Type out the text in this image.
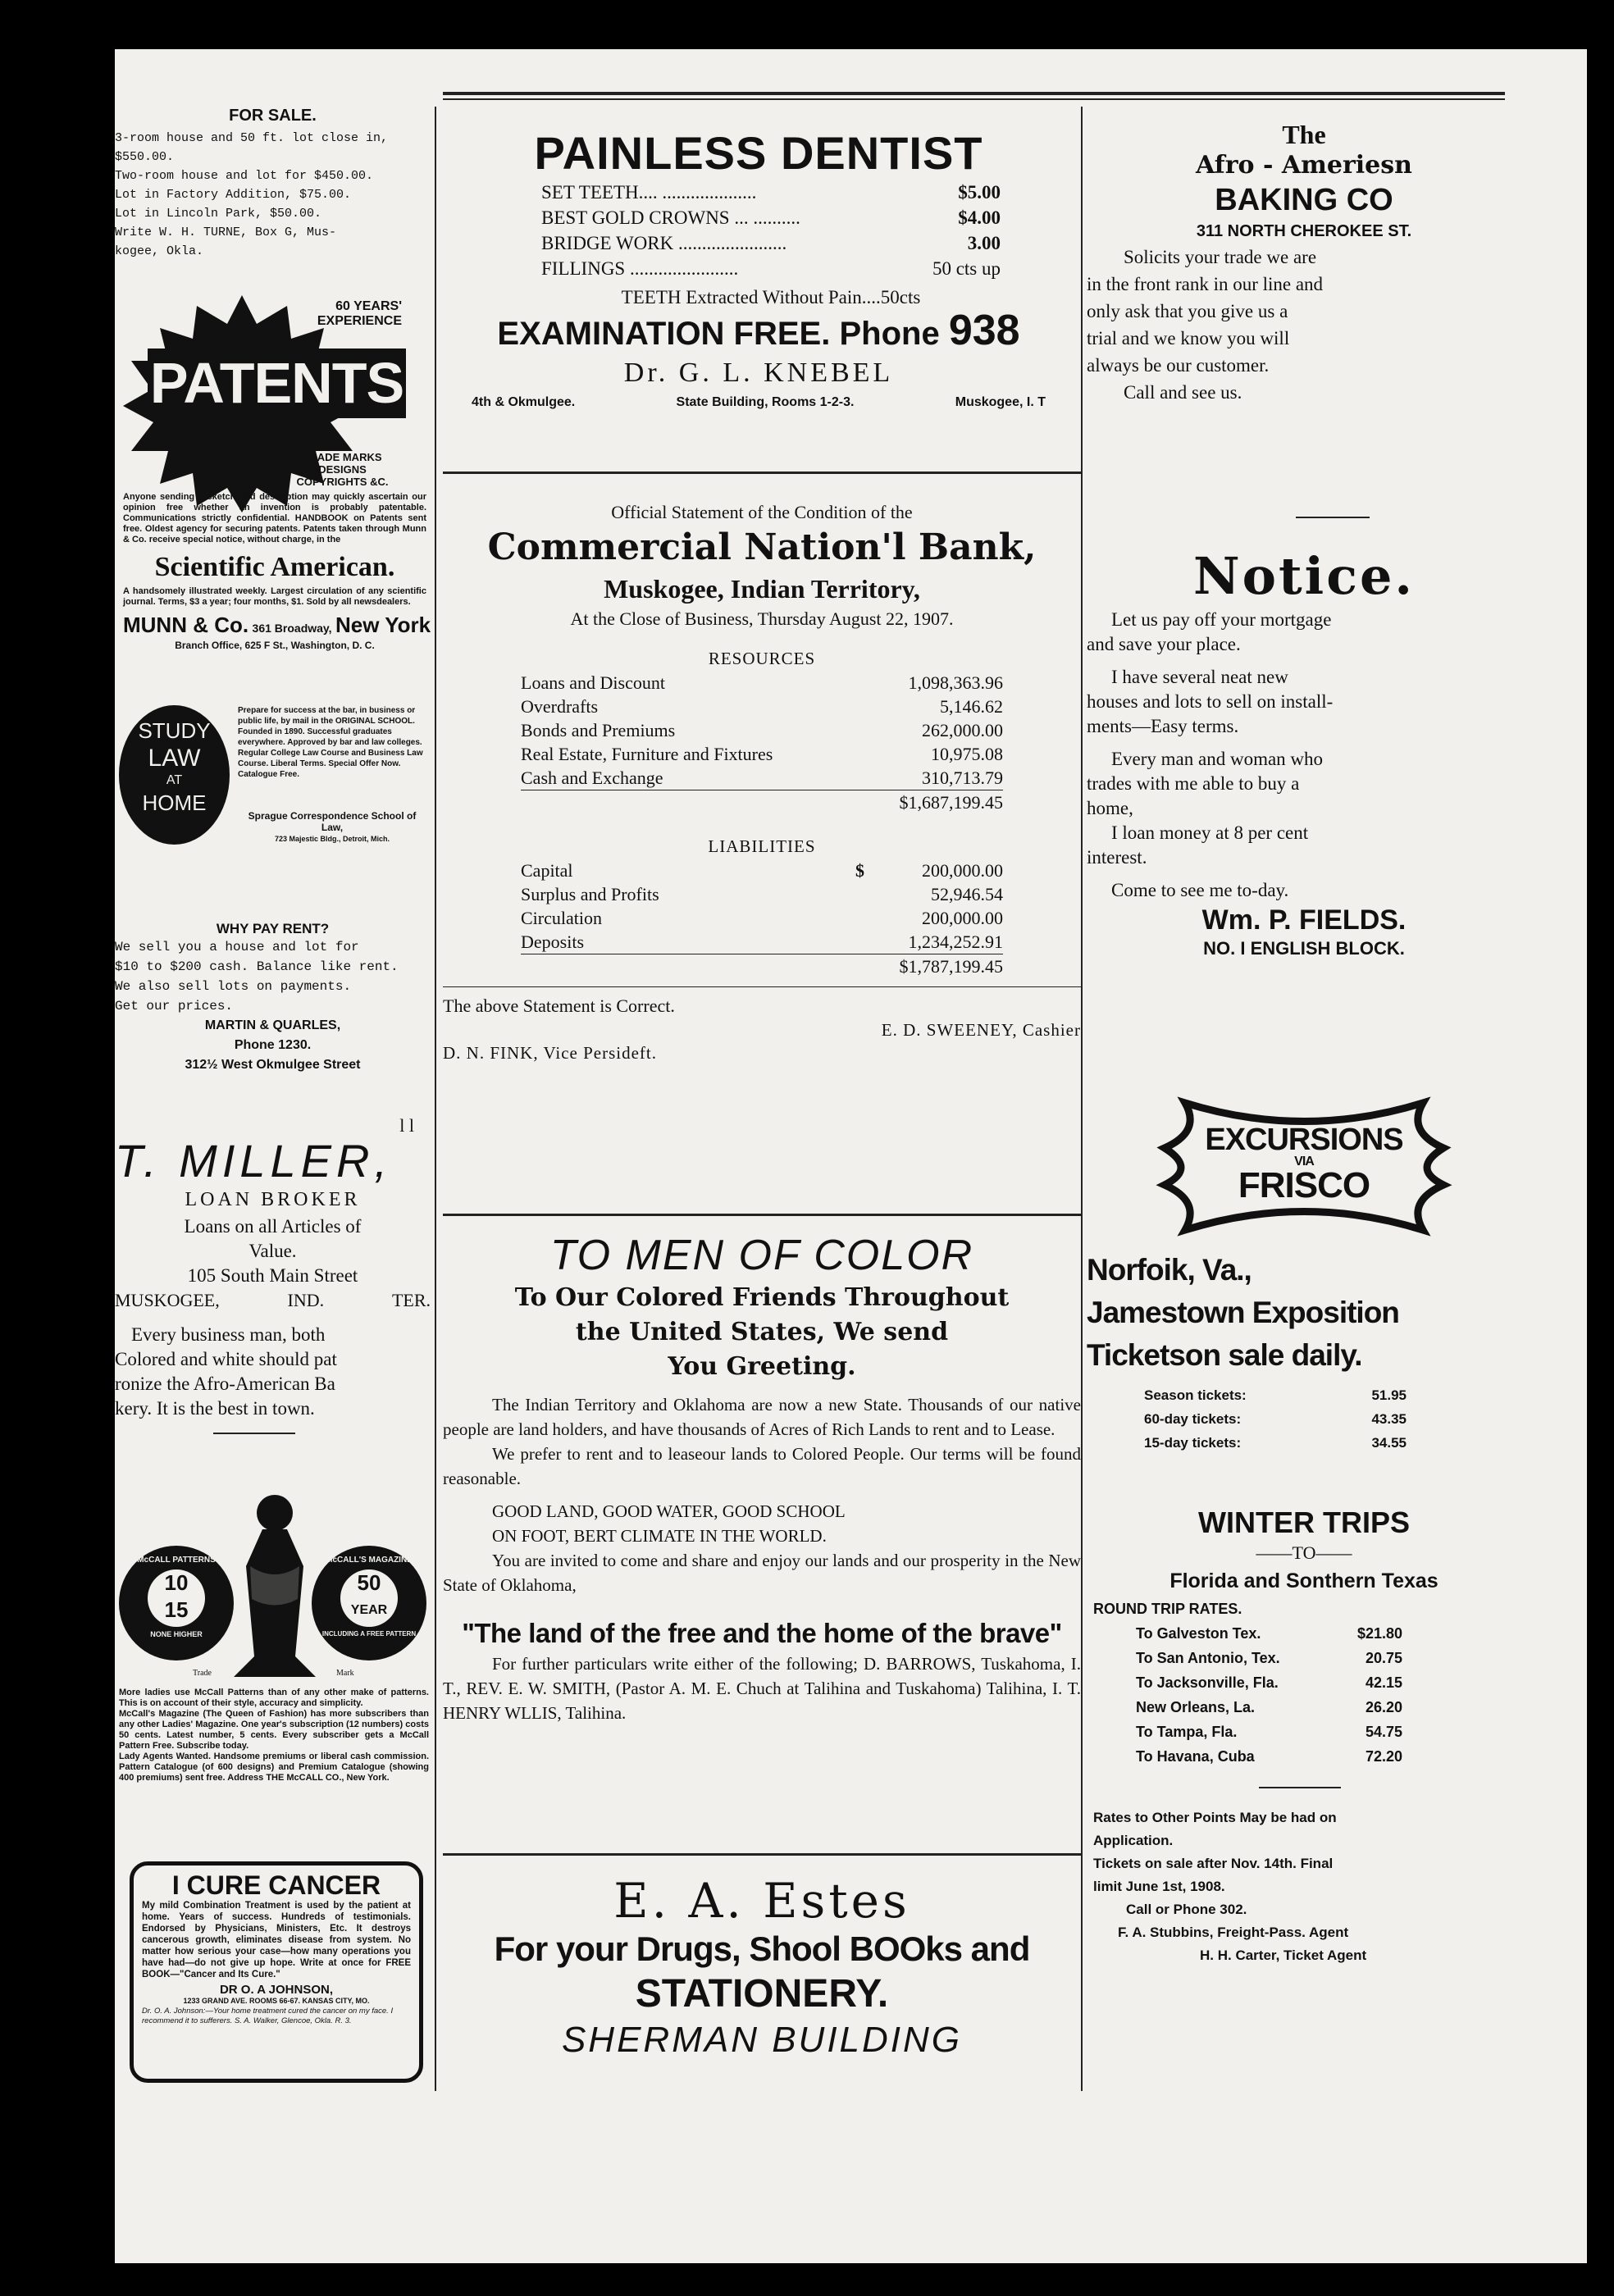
FOR SALE.
3-room house and 50 ft. lot close in,
$550.00.
Two-room house and lot for $450.00.
Lot in Factory Addition, $75.00.
Lot in Lincoln Park, $50.00.
Write W. H. TURNE, Box G, Mus-
kogee, Okla.
60 YEARS'
EXPERIENCE
PATENTS
TRADE MARKS
DESIGNS
COPYRIGHTS &C.
Anyone sending a sketch and description may quickly ascertain our opinion free whether an invention is probably patentable. Communications strictly confidential. HANDBOOK on Patents sent free. Oldest agency for securing patents. Patents taken through Munn & Co. receive special notice, without charge, in the
Scientific American.
A handsomely illustrated weekly. Largest circulation of any scientific journal. Terms, $3 a year; four months, $1. Sold by all newsdealers.
MUNN & Co. 361 Broadway, New York
Branch Office, 625 F St., Washington, D. C.
STUDY
LAW
AT
HOME
Prepare for success at the bar, in business or public life, by mail in the ORIGINAL SCHOOL. Founded in 1890. Successful graduates everywhere. Approved by bar and law colleges. Regular College Law Course and Business Law Course. Liberal Terms. Special Offer Now. Catalogue Free.
Sprague Correspondence School of Law,
723 Majestic Bldg., Detroit, Mich.
WHY PAY RENT?
We sell you a house and lot for
$10 to $200 cash. Balance like rent.
We also sell lots on payments.
Get our prices.
MARTIN & QUARLES,
Phone 1230.
312½ West Okmulgee Street
l l
T. MILLER,
LOAN BROKER
Loans on all Articles of
Value.
105 South Main Street
MUSKOGEE,	IND.	TER.
Every business man, both
Colored and white should pat
ronize the Afro-American Ba
kery. It is the best in town.
McCALL PATTERNS
10
15
NONE HIGHER
McCALL'S MAGAZINE
50
YEAR
INCLUDING A FREE PATTERN
Trade	Mark
More ladies use McCall Patterns than of any other make of patterns. This is on account of their style, accuracy and simplicity.
McCall's Magazine (The Queen of Fashion) has more subscribers than any other Ladies' Magazine. One year's subscription (12 numbers) costs 50 cents. Latest number, 5 cents. Every subscriber gets a McCall Pattern Free. Subscribe today.
Lady Agents Wanted. Handsome premiums or liberal cash commission. Pattern Catalogue (of 600 designs) and Premium Catalogue (showing 400 premiums) sent free. Address THE McCALL CO., New York.
I CURE CANCER
My mild Combination Treatment is used by the patient at home. Years of success. Hundreds of testimonials. Endorsed by Physicians, Ministers, Etc. It destroys cancerous growth, eliminates disease from system. No matter how serious your case—how many operations you have had—do not give up hope. Write at once for FREE BOOK—"Cancer and Its Cure."
DR O. A JOHNSON,
1233 GRAND AVE. ROOMS 66-67. KANSAS CITY, MO.
Dr. O. A. Johnson:—Your home treatment cured the cancer on my face. I recommend it to sufferers. S. A. Walker, Glencoe, Okla. R. 3.
PAINLESS DENTIST
SET TEETH.... ....................	$5.00
BEST GOLD CROWNS ... ..........	$4.00
BRIDGE WORK .......................	3.00
FILLINGS .......................	50 cts up
TEETH Extracted Without Pain....50cts
EXAMINATION FREE. Phone 938
Dr. G. L. KNEBEL
4th & Okmulgee.	State Building, Rooms 1-2-3.	Muskogee, I. T
Official Statement of the Condition of the
Commercial Nation'l Bank,
Muskogee, Indian Territory,
At the Close of Business, Thursday August 22, 1907.
RESOURCES
Loans and Discount	1,098,363.96
Overdrafts	5,146.62
Bonds and Premiums	262,000.00
Real Estate, Furniture and Fixtures	10,975.08
Cash and Exchange	310,713.79
$1,687,199.45
LIABILITIES
Capital	$	200,000.00
Surplus and Profits	52,946.54
Circulation	200,000.00
Deposits	1,234,252.91
$1,787,199.45
The above Statement is Correct.
E. D. SWEENEY, Cashier
D. N. FINK, Vice Persideft.
TO MEN OF COLOR
To Our Colored Friends Throughout
the United States, We send
You Greeting.
The Indian Territory and Oklahoma are now a new State. Thousands of our native people are land holders, and have thousands of Acres of Rich Lands to rent and to Lease.
We prefer to rent and to leaseour lands to Colored People. Our terms will be found reasonable.
GOOD LAND, GOOD WATER, GOOD SCHOOL
ON FOOT, BERT CLIMATE IN THE WORLD.
You are invited to come and share and enjoy our lands and our prosperity in the New State of Oklahoma,
"The land of the free and the home of the brave"
For further particulars write either of the following; D. BARROWS, Tuskahoma, I. T., REV. E. W. SMITH, (Pastor A. M. E. Chuch at Talihina and Tuskahoma) Talihina, I. T. HENRY WLLIS, Talihina.
E. A. Estes
For your Drugs, Shool BOOks and
STATIONERY.
SHERMAN BUILDING
The
Afro - Ameriesn
BAKING CO
311 NORTH CHEROKEE ST.
Solicits your trade we are
in the front rank in our line and
only ask that you give us a
trial and we know you will
always be our customer.
Call and see us.
Notice.
Let us pay off your mortgage
and save your place.
I have several neat new
houses and lots to sell on install-
ments—Easy terms.
Every man and woman who
trades with me able to buy a
home,
I loan money at 8 per cent
interest.
Come to see me to-day.
Wm. P. FIELDS.
NO. I ENGLISH BLOCK.
EXCURSIONS
VIA
FRISCO
Norfoik, Va.,
Jamestown Exposition
Ticketson sale daily.
Season tickets:	51.95
60-day tickets:	43.35
15-day tickets:	34.55
WINTER TRIPS
——TO——
Florida and Sonthern Texas
ROUND TRIP RATES.
To Galveston Tex.	$21.80
To San Antonio, Tex.	20.75
To Jacksonville, Fla.	42.15
New Orleans, La.	26.20
To Tampa, Fla.	54.75
To Havana, Cuba	72.20
Rates to Other Points May be had on
Application.
Tickets on sale after Nov. 14th. Final
limit June 1st, 1908.
Call or Phone 302.
F. A. Stubbins, Freight-Pass. Agent
H. H. Carter, Ticket Agent
